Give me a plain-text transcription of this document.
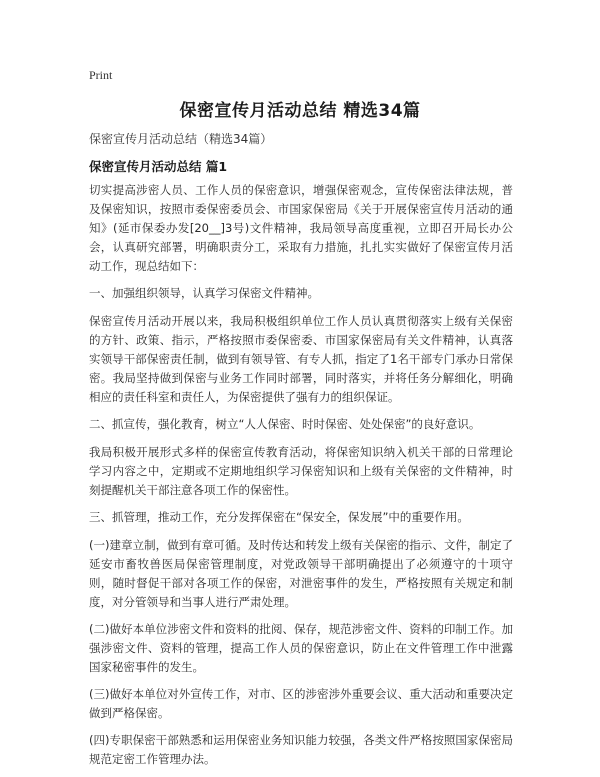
Print
保密宣传月活动总结 精选34篇
保密宣传月活动总结（精选34篇）
保密宣传月活动总结 篇1

切实提高涉密人员、工作人员的保密意识，增强保密观念，宣传保密法律法规，普及保密知识，按照市委保密委员会、市国家保密局《关于开展保密宣传月活动的通知》(延市保委办发[20__]3号)文件精神，我局领导高度重视，立即召开局长办公会，认真研究部署，明确职责分工，采取有力措施，扎扎实实做好了保密宣传月活动工作，现总结如下：

一、加强组织领导，认真学习保密文件精神。

保密宣传月活动开展以来，我局积极组织单位工作人员认真贯彻落实上级有关保密的方针、政策、指示，严格按照市委保密委、市国家保密局有关文件精神，认真落实领导干部保密责任制，做到有领导管、有专人抓，指定了1名干部专门承办日常保密。我局坚持做到保密与业务工作同时部署，同时落实，并将任务分解细化，明确相应的责任科室和责任人，为保密提供了强有力的组织保证。

二、抓宣传，强化教育，树立“人人保密、时时保密、处处保密”的良好意识。

我局积极开展形式多样的保密宣传教育活动，将保密知识纳入机关干部的日常理论学习内容之中，定期或不定期地组织学习保密知识和上级有关保密的文件精神，时刻提醒机关干部注意各项工作的保密性。

三、抓管理，推动工作，充分发挥保密在“保安全，保发展”中的重要作用。

(一)建章立制，做到有章可循。及时传达和转发上级有关保密的指示、文件，制定了延安市畜牧兽医局保密管理制度，对党政领导干部明确提出了必须遵守的十项守则，随时督促干部对各项工作的保密，对泄密事件的发生，严格按照有关规定和制度，对分管领导和当事人进行严肃处理。

(二)做好本单位涉密文件和资料的批阅、保存，规范涉密文件、资料的印制工作。加强涉密文件、资料的管理，提高工作人员的保密意识，防止在文件管理工作中泄露国家秘密事件的发生。

(三)做好本单位对外宣传工作，对市、区的涉密涉外重要会议、重大活动和重要决定做到严格保密。

(四)专职保密干部熟悉和运用保密业务知识能力较强，各类文件严格按照国家保密局规范定密工作管理办法。
